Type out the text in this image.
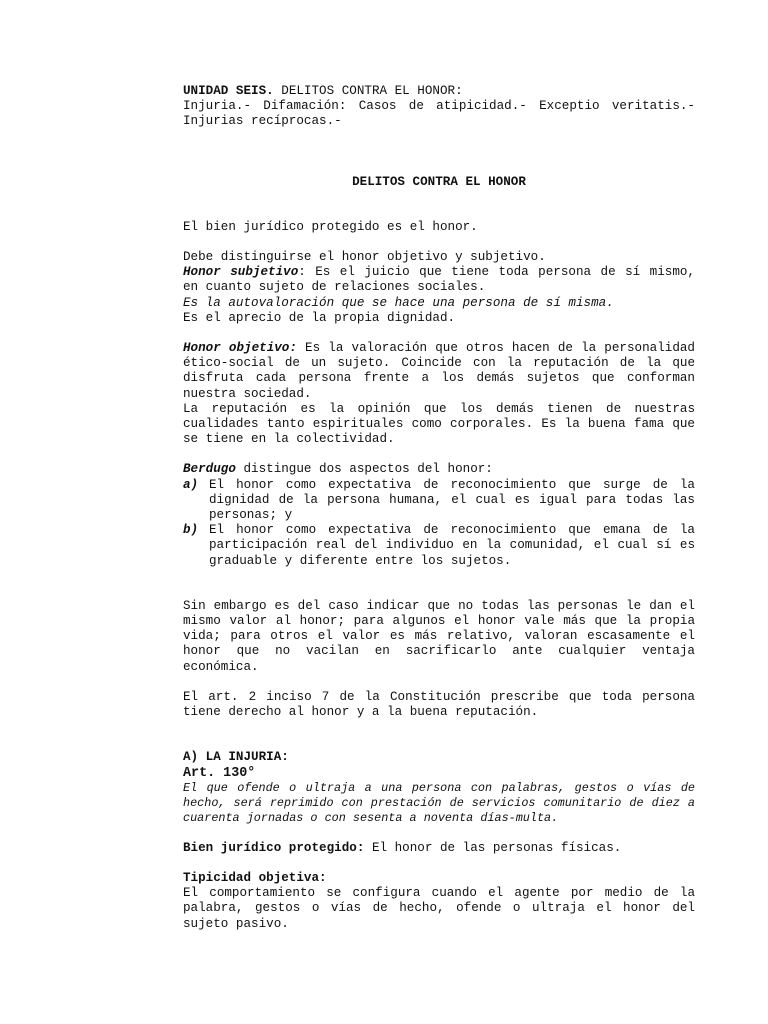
UNIDAD SEIS. DELITOS CONTRA EL HONOR:

Injuria.- Difamación: Casos de atipicidad.- Exceptio veritatis.- Injurias recíprocas.-

DELITOS CONTRA EL HONOR

El bien jurídico protegido es el honor.

Debe distinguirse el honor objetivo y subjetivo.

Honor subjetivo: Es el juicio que tiene toda persona de sí mismo, en cuanto sujeto de relaciones sociales.

Es la autovaloración que se hace una persona de sí misma.

Es el aprecio de la propia dignidad.

Honor objetivo: Es la valoración que otros hacen de la personalidad ético-social de un sujeto. Coincide con la reputación de la que disfruta cada persona frente a los demás sujetos que conforman nuestra sociedad.

La reputación es la opinión que los demás tienen de nuestras cualidades tanto espirituales como corporales. Es la buena fama que se tiene en la colectividad.

Berdugo distingue dos aspectos del honor:

a) El honor como expectativa de reconocimiento que surge de la dignidad de la persona humana, el cual es igual para todas las personas; y
b) El honor como expectativa de reconocimiento que emana de la participación real del individuo en la comunidad, el cual sí es graduable y diferente entre los sujetos.

Sin embargo es del caso indicar que no todas las personas le dan el mismo valor al honor; para algunos el honor vale más que la propia vida; para otros el valor es más relativo, valoran escasamente el honor que no vacilan en sacrificarlo ante cualquier ventaja económica.

El art. 2 inciso 7 de la Constitución prescribe que toda persona tiene derecho al honor y a la buena reputación.

A) LA INJURIA:

Art. 130°

El que ofende o ultraja a una persona con palabras, gestos o vías de hecho, será reprimido con prestación de servicios comunitario de diez a cuarenta jornadas o con sesenta a noventa días-multa.

Bien jurídico protegido: El honor de las personas físicas.

Tipicidad objetiva:

El comportamiento se configura cuando el agente por medio de la palabra, gestos o vías de hecho, ofende o ultraja el honor del sujeto pasivo.
